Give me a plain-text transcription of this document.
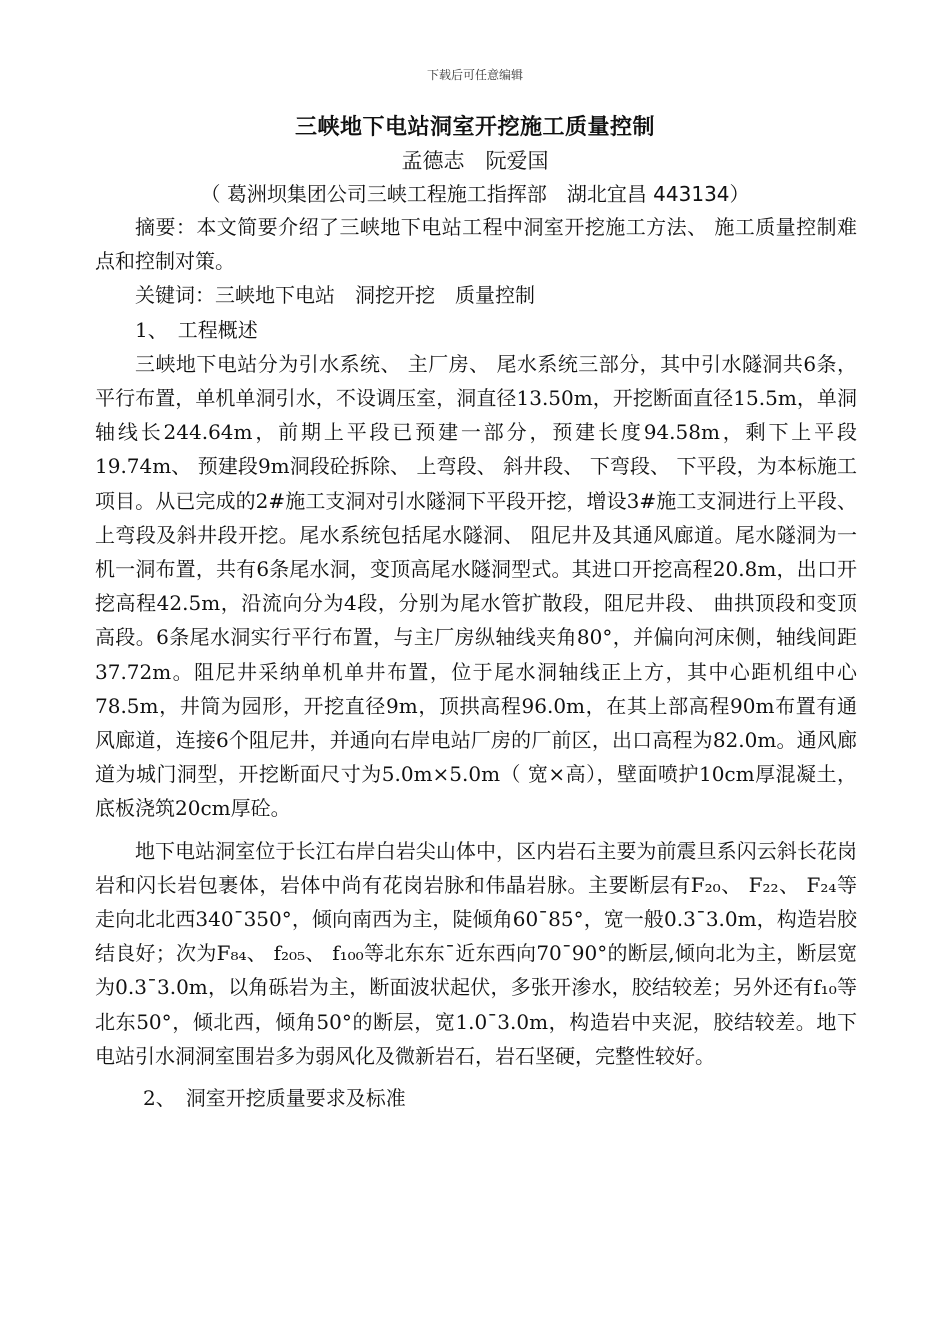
下载后可任意编辑
三峡地下电站洞室开挖施工质量控制
孟德志　阮爱国
（ 葛洲坝集团公司三峡工程施工指挥部　湖北宜昌 443134）

摘要：本文简要介绍了三峡地下电站工程中洞室开挖施工方法、 施工质量控制难点和控制对策。

关键词：三峡地下电站　洞挖开挖　质量控制

1、　工程概述

三峡地下电站分为引水系统、 主厂房、 尾水系统三部分，其中引水隧洞共6条，平行布置，单机单洞引水，不设调压室，洞直径13.50m，开挖断面直径15.5m，单洞轴线长244.64m，前期上平段已预建一部分，预建长度94.58m，剩下上平段19.74m、 预建段9m洞段砼拆除、 上弯段、 斜井段、 下弯段、 下平段，为本标施工项目。从已完成的2#施工支洞对引水隧洞下平段开挖，增设3#施工支洞进行上平段、 上弯段及斜井段开挖。尾水系统包括尾水隧洞、 阻尼井及其通风廊道。尾水隧洞为一机一洞布置，共有6条尾水洞，变顶高尾水隧洞型式。其进口开挖高程20.8m，出口开挖高程42.5m，沿流向分为4段，分别为尾水管扩散段，阻尼井段、 曲拱顶段和变顶高段。6条尾水洞实行平行布置，与主厂房纵轴线夹角80°，并偏向河床侧，轴线间距37.72m。阻尼井采纳单机单井布置，位于尾水洞轴线正上方，其中心距机组中心78.5m，井筒为园形，开挖直径9m，顶拱高程96.0m，在其上部高程90m布置有通风廊道，连接6个阻尼井，并通向右岸电站厂房的厂前区，出口高程为82.0m。通风廊道为城门洞型，开挖断面尺寸为5.0m×5.0m（ 宽×高），壁面喷护10cm厚混凝土，底板浇筑20cm厚砼。

地下电站洞室位于长江右岸白岩尖山体中，区内岩石主要为前震旦系闪云斜长花岗岩和闪长岩包裹体，岩体中尚有花岗岩脉和伟晶岩脉。主要断层有F₂₀、 F₂₂、 F₂₄等走向北北西340¯350°，倾向南西为主，陡倾角60¯85°，宽一般0.3¯3.0m，构造岩胶结良好；次为F₈₄、 f₂₀₅、 f₁₀₀等北东东¯近东西向70¯90°的断层,倾向北为主，断层宽为0.3¯3.0m，以角砾岩为主，断面波状起伏，多张开渗水，胶结较差；另外还有f₁₀等北东50°，倾北西，倾角50°的断层，宽1.0¯3.0m，构造岩中夹泥，胶结较差。地下电站引水洞洞室围岩多为弱风化及微新岩石，岩石坚硬，完整性较好。

2、　洞室开挖质量要求及标准
